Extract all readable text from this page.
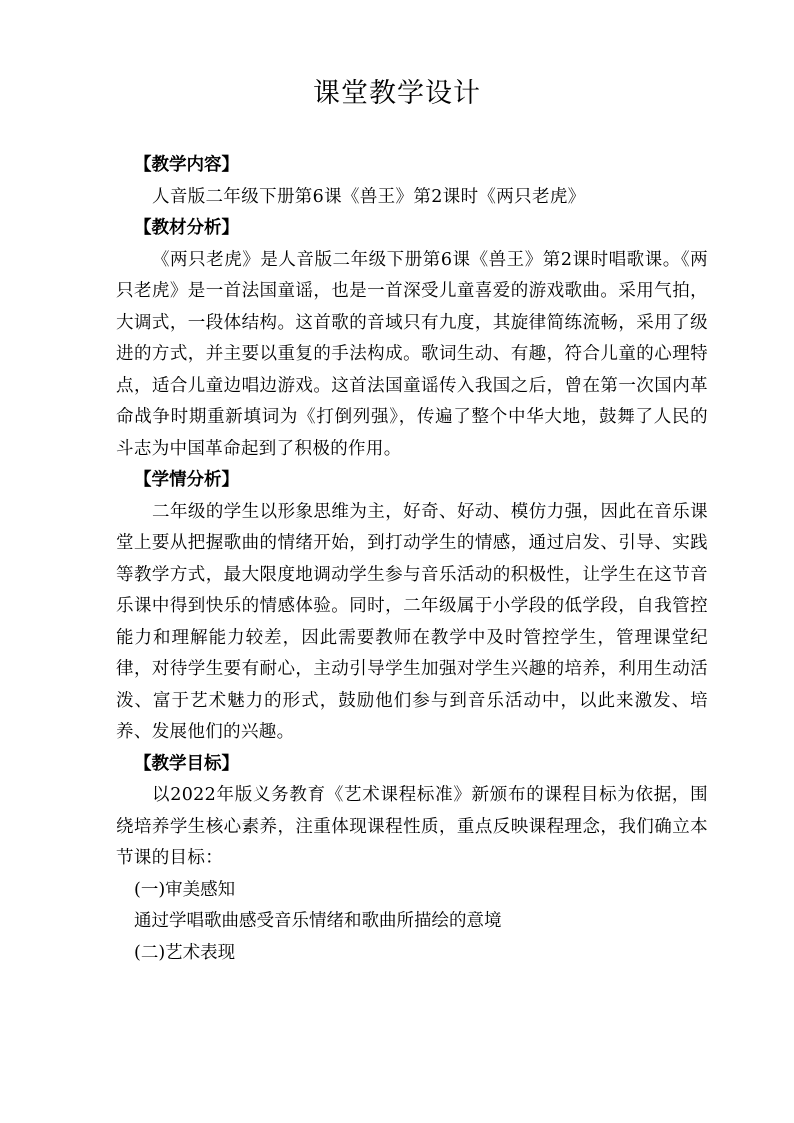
课堂教学设计

【教学内容】

人音版二年级下册第6课《兽王》第2课时《两只老虎》

【教材分析】

《两只老虎》是人音版二年级下册第6课《兽王》第2课时唱歌课。《两只老虎》是一首法国童谣，也是一首深受儿童喜爱的游戏歌曲。采用气拍，大调式，一段体结构。这首歌的音域只有九度，其旋律简练流畅，采用了级进的方式，并主要以重复的手法构成。歌词生动、有趣，符合儿童的心理特点，适合儿童边唱边游戏。这首法国童谣传入我国之后，曾在第一次国内革命战争时期重新填词为《打倒列强》，传遍了整个中华大地，鼓舞了人民的斗志为中国革命起到了积极的作用。

【学情分析】

二年级的学生以形象思维为主，好奇、好动、模仿力强，因此在音乐课堂上要从把握歌曲的情绪开始，到打动学生的情感，通过启发、引导、实践等教学方式，最大限度地调动学生参与音乐活动的积极性，让学生在这节音乐课中得到快乐的情感体验。同时，二年级属于小学段的低学段，自我管控能力和理解能力较差，因此需要教师在教学中及时管控学生，管理课堂纪律，对待学生要有耐心，主动引导学生加强对学生兴趣的培养，利用生动活泼、富于艺术魅力的形式，鼓励他们参与到音乐活动中，以此来激发、培养、发展他们的兴趣。

【教学目标】

以2022年版义务教育《艺术课程标准》新颁布的课程目标为依据，围绕培养学生核心素养，注重体现课程性质，重点反映课程理念，我们确立本节课的目标：

(一)审美感知

通过学唱歌曲感受音乐情绪和歌曲所描绘的意境

(二)艺术表现
